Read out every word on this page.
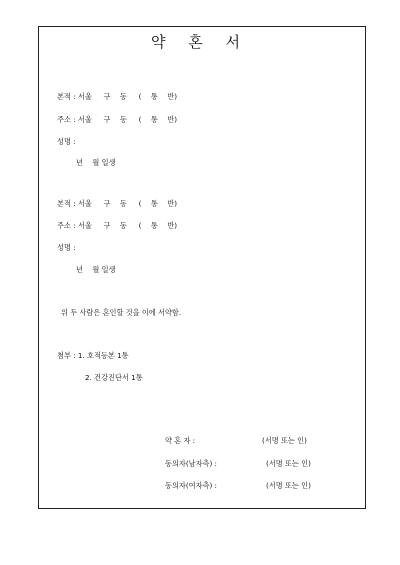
약 혼 서
본적 : 서울 　 구 　동 　 ( 　통 　반)
주소 : 서울 　 구 　동 　 ( 　통 　반)
성명 :
년 　월 일생
본적 : 서울 　 구 　동 　 ( 　통 　반)
주소 : 서울 　 구 　동 　 ( 　통 　반)
성명 :
년 　월 일생
위 두 사람은 혼인할 것을 이에 서약함.
첨부 : 1. 호적등본 1통
2. 건강진단서 1통
약 혼 자 :	(서명 또는 인)
동의자(남자측) :	(서명 또는 인)
동의자(여자측) :	(서명 또는 인)
